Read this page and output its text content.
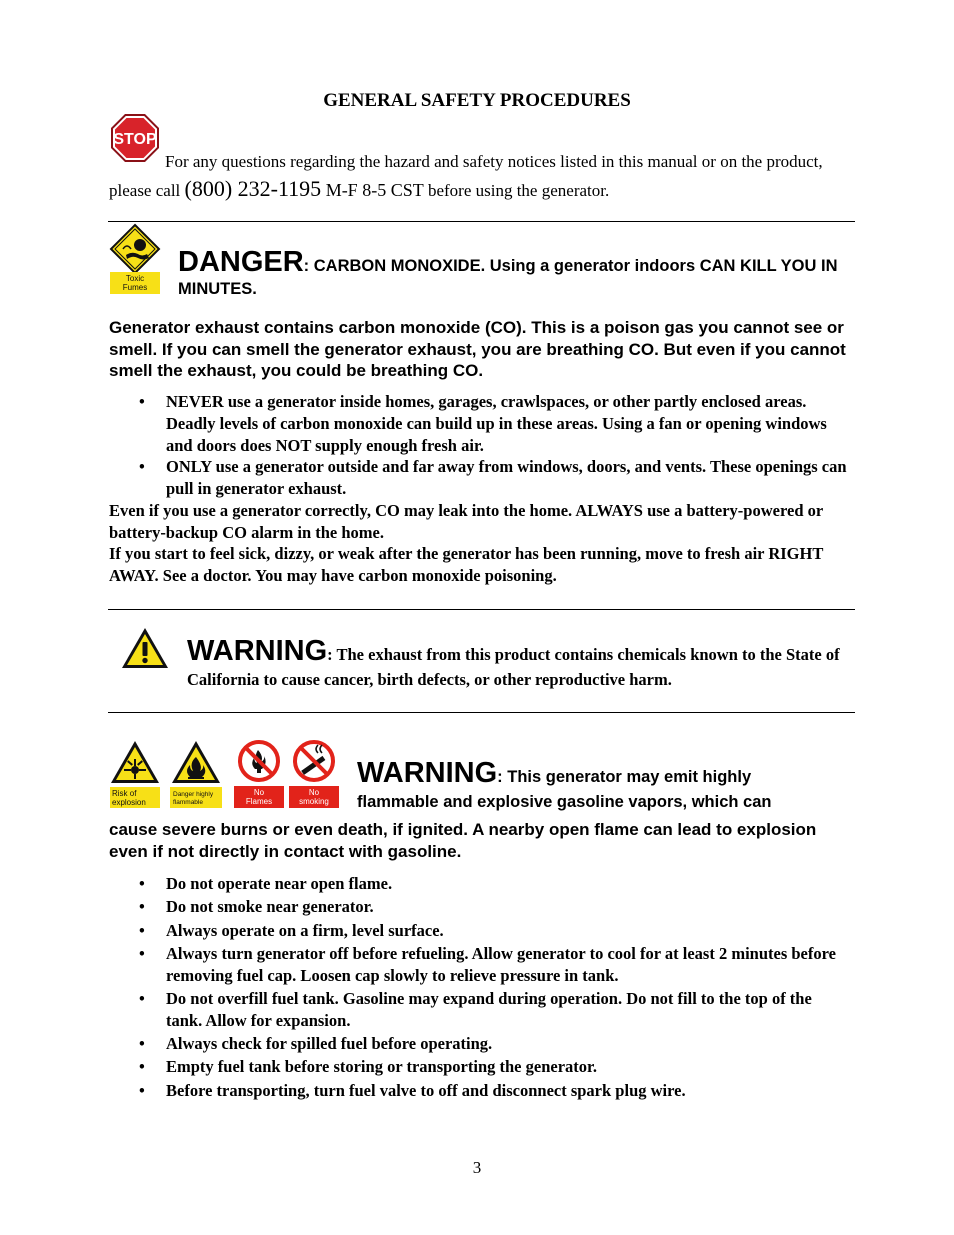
GENERAL SAFETY PROCEDURES
STOP
For any questions regarding the hazard and safety notices listed in this manual or on the product, please call (800) 232-1195 M-F 8-5 CST before using the generator.
Toxic
Fumes
DANGER: CARBON MONOXIDE. Using a generator indoors CAN KILL YOU IN MINUTES.
Generator exhaust contains carbon monoxide (CO). This is a poison gas you cannot see or smell. If you can smell the generator exhaust, you are breathing CO. But even if you cannot smell the exhaust, you could be breathing CO.
• NEVER use a generator inside homes, garages, crawlspaces, or other partly enclosed areas. Deadly levels of carbon monoxide can build up in these areas. Using a fan or opening windows and doors does NOT supply enough fresh air.
• ONLY use a generator outside and far away from windows, doors, and vents. These openings can pull in generator exhaust.
Even if you use a generator correctly, CO may leak into the home. ALWAYS use a battery-powered or battery-backup CO alarm in the home.
If you start to feel sick, dizzy, or weak after the generator has been running, move to fresh air RIGHT AWAY. See a doctor. You may have carbon monoxide poisoning.
WARNING: The exhaust from this product contains chemicals known to the State of California to cause cancer, birth defects, or other reproductive harm.
Risk of
explosion
Danger highly
flammable
No
Flames
No
smoking
WARNING: This generator may emit highly flammable and explosive gasoline vapors, which can
cause severe burns or even death, if ignited. A nearby open flame can lead to explosion even if not directly in contact with gasoline.
• Do not operate near open flame.
• Do not smoke near generator.
• Always operate on a firm, level surface.
• Always turn generator off before refueling. Allow generator to cool for at least 2 minutes before removing fuel cap. Loosen cap slowly to relieve pressure in tank.
• Do not overfill fuel tank. Gasoline may expand during operation. Do not fill to the top of the tank. Allow for expansion.
• Always check for spilled fuel before operating.
• Empty fuel tank before storing or transporting the generator.
• Before transporting, turn fuel valve to off and disconnect spark plug wire.
3
